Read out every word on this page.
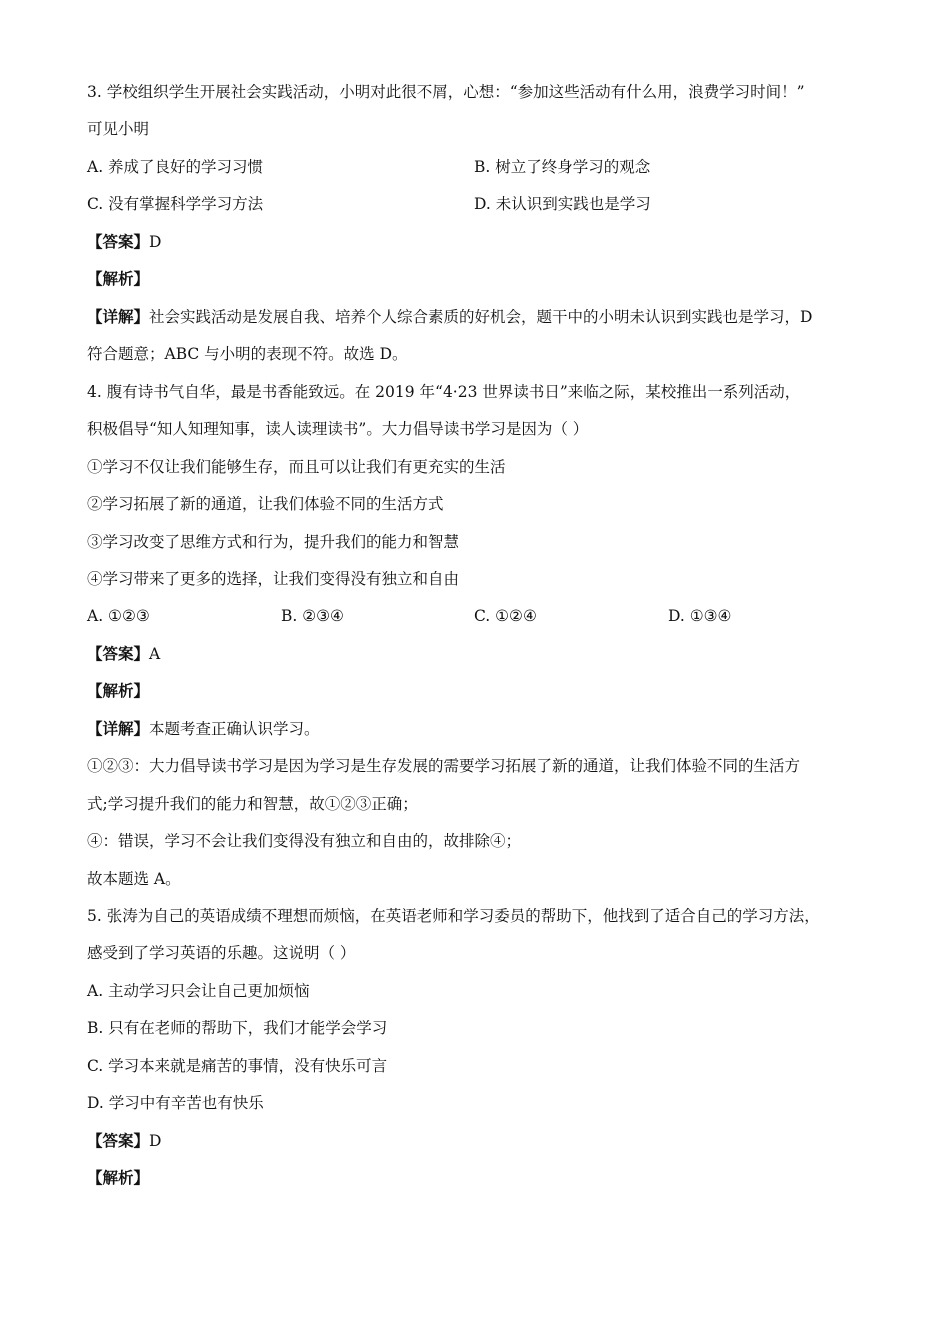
3. 学校组织学生开展社会实践活动，小明对此很不屑，心想：“参加这些活动有什么用，浪费学习时间！”
可见小明
A. 养成了良好的学习习惯	B. 树立了终身学习的观念
C. 没有掌握科学学习方法	D. 未认识到实践也是学习
【答案】D
【解析】
【详解】社会实践活动是发展自我、培养个人综合素质的好机会，题干中的小明未认识到实践也是学习，D
符合题意；ABC 与小明的表现不符。故选 D。
4. 腹有诗书气自华，最是书香能致远。在 2019 年“4·23 世界读书日”来临之际，某校推出一系列活动，
积极倡导“知人知理知事，读人读理读书”。大力倡导读书学习是因为（ ）
①学习不仅让我们能够生存，而且可以让我们有更充实的生活
②学习拓展了新的通道，让我们体验不同的生活方式
③学习改变了思维方式和行为，提升我们的能力和智慧
④学习带来了更多的选择，让我们变得没有独立和自由
A. ①②③	B. ②③④	C. ①②④	D. ①③④
【答案】A
【解析】
【详解】本题考查正确认识学习。
①②③：大力倡导读书学习是因为学习是生存发展的需要学习拓展了新的通道，让我们体验不同的生活方
式;学习提升我们的能力和智慧，故①②③正确；
④：错误，学习不会让我们变得没有独立和自由的，故排除④；
故本题选 A。
5. 张涛为自己的英语成绩不理想而烦恼，在英语老师和学习委员的帮助下，他找到了适合自己的学习方法，
感受到了学习英语的乐趣。这说明（ ）
A. 主动学习只会让自己更加烦恼
B. 只有在老师的帮助下，我们才能学会学习
C. 学习本来就是痛苦的事情，没有快乐可言
D. 学习中有辛苦也有快乐
【答案】D
【解析】
